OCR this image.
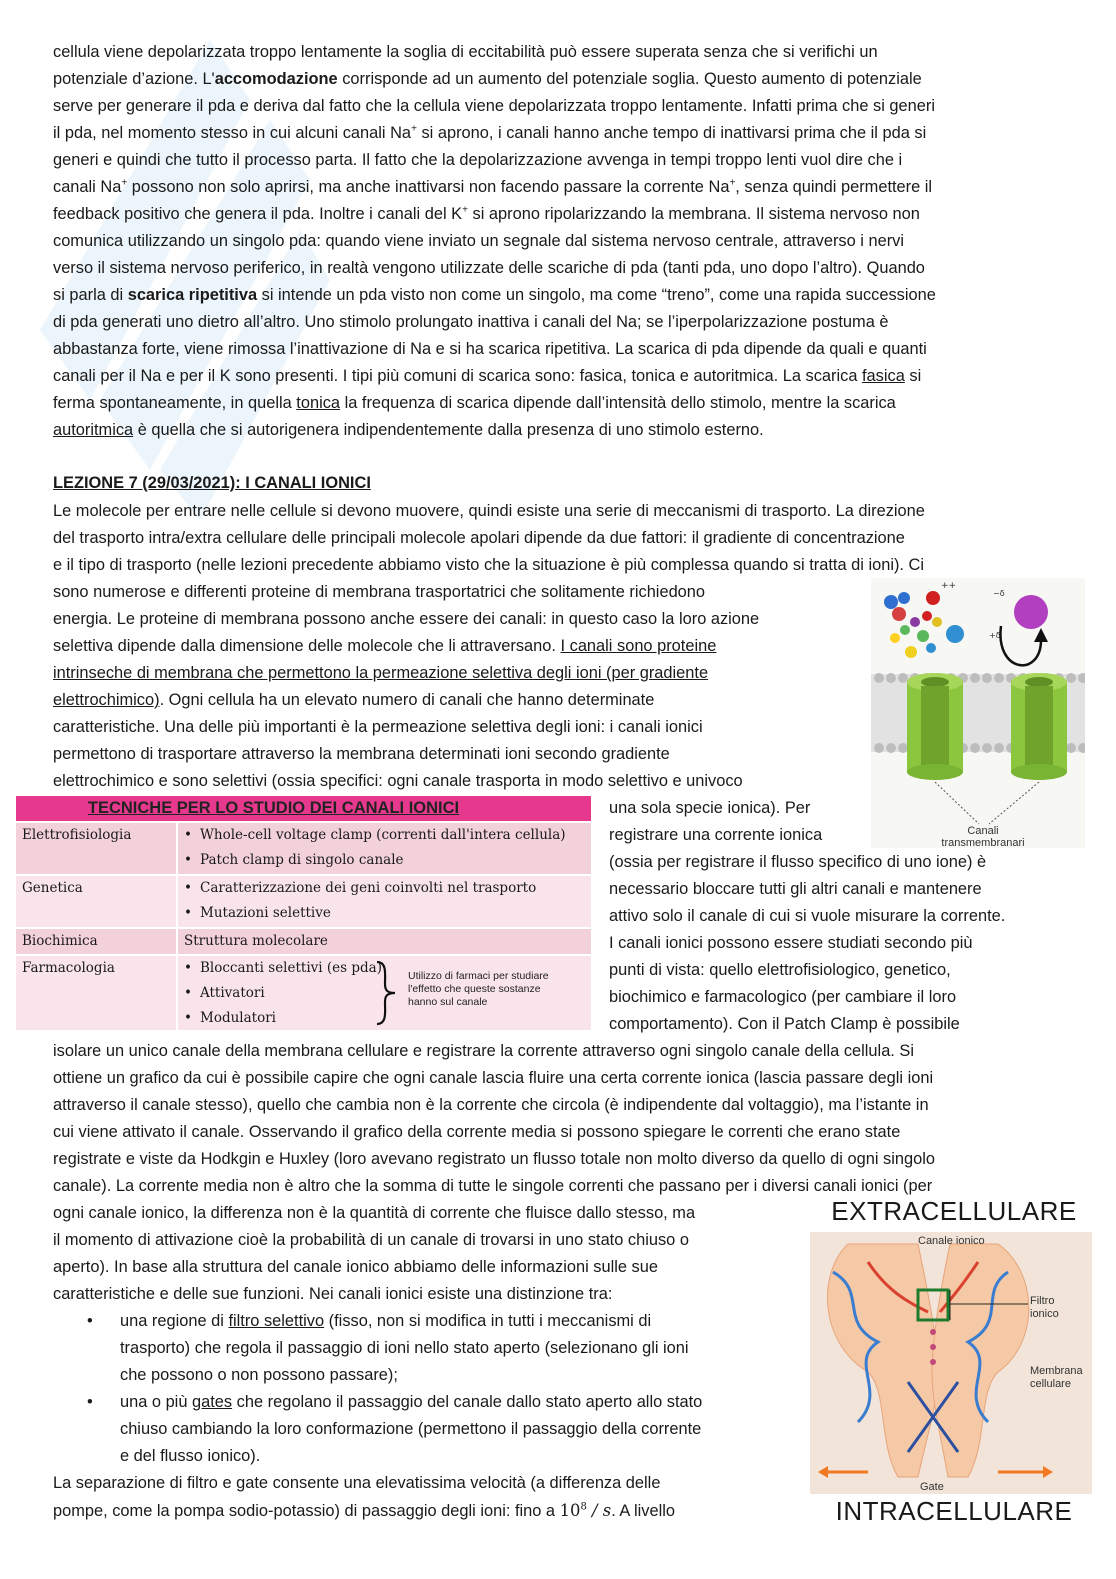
cellula viene depolarizzata troppo lentamente la soglia di eccitabilità può essere superata senza che si verifichi un
potenziale d’azione. L'accomodazione corrisponde ad un aumento del potenziale soglia. Questo aumento di potenziale
serve per generare il pda e deriva dal fatto che la cellula viene depolarizzata troppo lentamente. Infatti prima che si generi
il pda, nel momento stesso in cui alcuni canali Na+ si aprono, i canali hanno anche tempo di inattivarsi prima che il pda si
generi e quindi che tutto il processo parta. Il fatto che la depolarizzazione avvenga in tempi troppo lenti vuol dire che i
canali Na+ possono non solo aprirsi, ma anche inattivarsi non facendo passare la corrente Na+, senza quindi permettere il
feedback positivo che genera il pda. Inoltre i canali del K+ si aprono ripolarizzando la membrana. Il sistema nervoso non
comunica utilizzando un singolo pda: quando viene inviato un segnale dal sistema nervoso centrale, attraverso i nervi
verso il sistema nervoso periferico, in realtà vengono utilizzate delle scariche di pda (tanti pda, uno dopo l’altro). Quando
si parla di scarica ripetitiva si intende un pda visto non come un singolo, ma come “treno”, come una rapida successione
di pda generati uno dietro all’altro. Uno stimolo prolungato inattiva i canali del Na; se l’iperpolarizzazione postuma è
abbastanza forte, viene rimossa l’inattivazione di Na e si ha scarica ripetitiva. La scarica di pda dipende da quali e quanti
canali per il Na e per il K sono presenti. I tipi più comuni di scarica sono: fasica, tonica e autoritmica. La scarica fasica si
ferma spontaneamente, in quella tonica la frequenza di scarica dipende dall’intensità dello stimolo, mentre la scarica
autoritmica è quella che si autorigenera indipendentemente dalla presenza di uno stimolo esterno.
LEZIONE 7 (29/03/2021): I CANALI IONICI
Le molecole per entrare nelle cellule si devono muovere, quindi esiste una serie di meccanismi di trasporto. La direzione
del trasporto intra/extra cellulare delle principali molecole apolari dipende da due fattori: il gradiente di concentrazione
e il tipo di trasporto (nelle lezioni precedente abbiamo visto che la situazione è più complessa quando si tratta di ioni). Ci
sono numerose e differenti proteine di membrana trasportatrici che solitamente richiedono
energia. Le proteine di membrana possono anche essere dei canali: in questo caso la loro azione
selettiva dipende dalla dimensione delle molecole che li attraversano. I canali sono proteine
intrinseche di membrana che permettono la permeazione selettiva degli ioni (per gradiente
elettrochimico). Ogni cellula ha un elevato numero di canali che hanno determinate
caratteristiche. Una delle più importanti è la permeazione selettiva degli ioni: i canali ionici
permettono di trasportare attraverso la membrana determinati ioni secondo gradiente
elettrochimico e sono selettivi (ossia specifici: ogni canale trasporta in modo selettivo e univoco
una sola specie ionica). Per
registrare una corrente ionica
(ossia per registrare il flusso specifico di uno ione) è
necessario bloccare tutti gli altri canali e mantenere
attivo solo il canale di cui si vuole misurare la corrente.
I canali ionici possono essere studiati secondo più
punti di vista: quello elettrofisiologico, genetico,
biochimico e farmacologico (per cambiare il loro
comportamento). Con il Patch Clamp è possibile
isolare un unico canale della membrana cellulare e registrare la corrente attraverso ogni singolo canale della cellula. Si
ottiene un grafico da cui è possibile capire che ogni canale lascia fluire una certa corrente ionica (lascia passare degli ioni
attraverso il canale stesso), quello che cambia non è la corrente che circola (è indipendente dal voltaggio), ma l’istante in
cui viene attivato il canale. Osservando il grafico della corrente media si possono spiegare le correnti che erano state
registrate e viste da Hodkgin e Huxley (loro avevano registrato un flusso totale non molto diverso da quello di ogni singolo
canale). La corrente media non è altro che la somma di tutte le singole correnti che passano per i diversi canali ionici (per
ogni canale ionico, la differenza non è la quantità di corrente che fluisce dallo stesso, ma
il momento di attivazione cioè la probabilità di un canale di trovarsi in uno stato chiuso o
aperto). In base alla struttura del canale ionico abbiamo delle informazioni sulle sue
caratteristiche e delle sue funzioni. Nei canali ionici esiste una distinzione tra:
• una regione di filtro selettivo (fisso, non si modifica in tutti i meccanismi di
trasporto) che regola il passaggio di ioni nello stato aperto (selezionano gli ioni
che possono o non possono passare);
• una o più gates che regolano il passaggio del canale dallo stato aperto allo stato
chiuso cambiando la loro conformazione (permettono il passaggio della corrente
e del flusso ionico).
La separazione di filtro e gate consente una elevatissima velocità (a differenza delle
pompe, come la pompa sodio-potassio) di passaggio degli ioni: fino a $10^8$ / s. A livello
TECNICHE PER LO STUDIO DEI CANALI IONICI
Elettrofisiologia	• Whole-cell voltage clamp (correnti dall'intera cellula)
• Patch clamp di singolo canale
Genetica	• Caratterizzazione dei geni coinvolti nel trasporto
• Mutazioni selettive
Biochimica	Struttura molecolare
Farmacologia	• Bloccanti selettivi (es pda)
• Attivatori
• Modulatori
Utilizzo di farmaci per studiare
l'effetto che queste sostanze
hanno sul canale
++
−δ
+δ
Canali
transmembranari
EXTRACELLULARE
Canale ionico
Filtro
ionico
Membrana
cellulare
Gate
INTRACELLULARE
